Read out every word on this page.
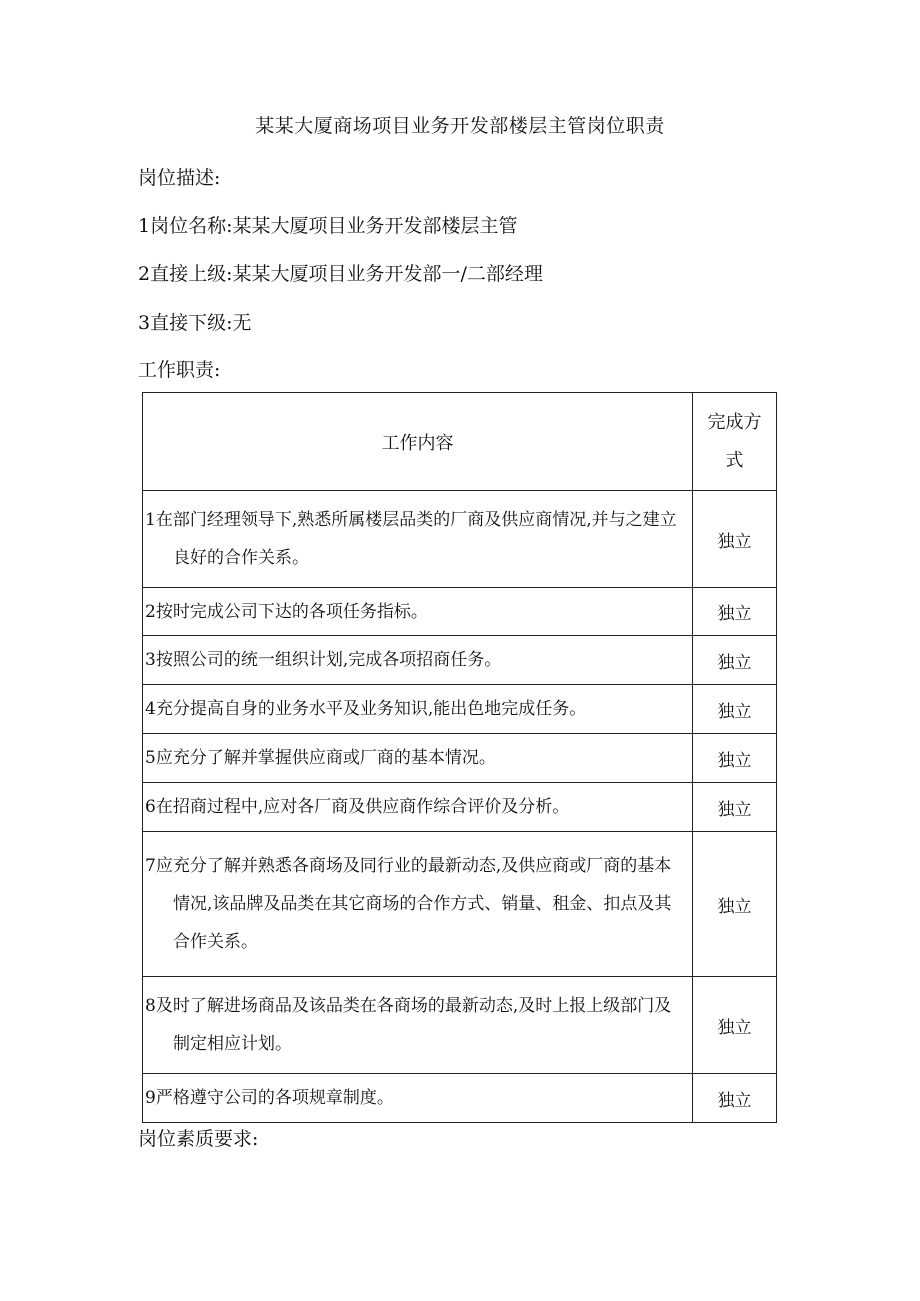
某某大厦商场项目业务开发部楼层主管岗位职责
岗位描述:
1岗位名称:某某大厦项目业务开发部楼层主管
2直接上级:某某大厦项目业务开发部一/二部经理
3直接下级:无
工作职责:
工作内容	完成方
式

1在部门经理领导下,熟悉所属楼层品类的厂商及供应商情况,并与之建立良好的合作关系。	独立

2按时完成公司下达的各项任务指标。	独立

3按照公司的统一组织计划,完成各项招商任务。	独立

4充分提高自身的业务水平及业务知识,能出色地完成任务。	独立

5应充分了解并掌握供应商或厂商的基本情况。	独立

6在招商过程中,应对各厂商及供应商作综合评价及分析。	独立

7应充分了解并熟悉各商场及同行业的最新动态,及供应商或厂商的基本情况,该品牌及品类在其它商场的合作方式、销量、租金、扣点及其合作关系。	独立

8及时了解进场商品及该品类在各商场的最新动态,及时上报上级部门及制定相应计划。	独立

9严格遵守公司的各项规章制度。	独立
岗位素质要求:
